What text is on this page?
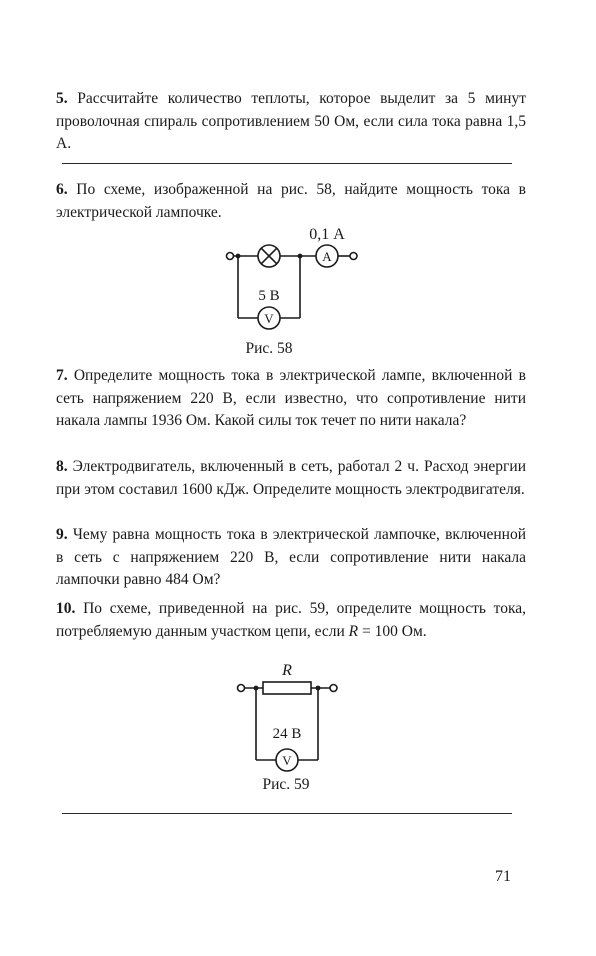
5. Рассчитайте количество теплоты, которое выделит за 5 минут проволочная спираль сопротивлением 50 Ом, если сила тока равна 1,5 А.

6. По схеме, изображенной на рис. 58, найдите мощность тока в электрической лампочке.

A
V
0,1 А
5 В

Рис. 58

7. Определите мощность тока в электрической лампе, включенной в сеть напряжением 220 В, если известно, что сопротивление нити накала лампы 1936 Ом. Какой силы ток течет по нити накала?

8. Электродвигатель, включенный в сеть, работал 2 ч. Расход энергии при этом составил 1600 кДж. Определите мощность электродвигателя.

9. Чему равна мощность тока в электрической лампочке, включенной в сеть с напряжением 220 В, если сопротивление нити накала лампочки равно 484 Ом?

10. По схеме, приведенной на рис. 59, определите мощность тока, потребляемую данным участком цепи, если R = 100 Ом.

R
24 В
V

Рис. 59

71
